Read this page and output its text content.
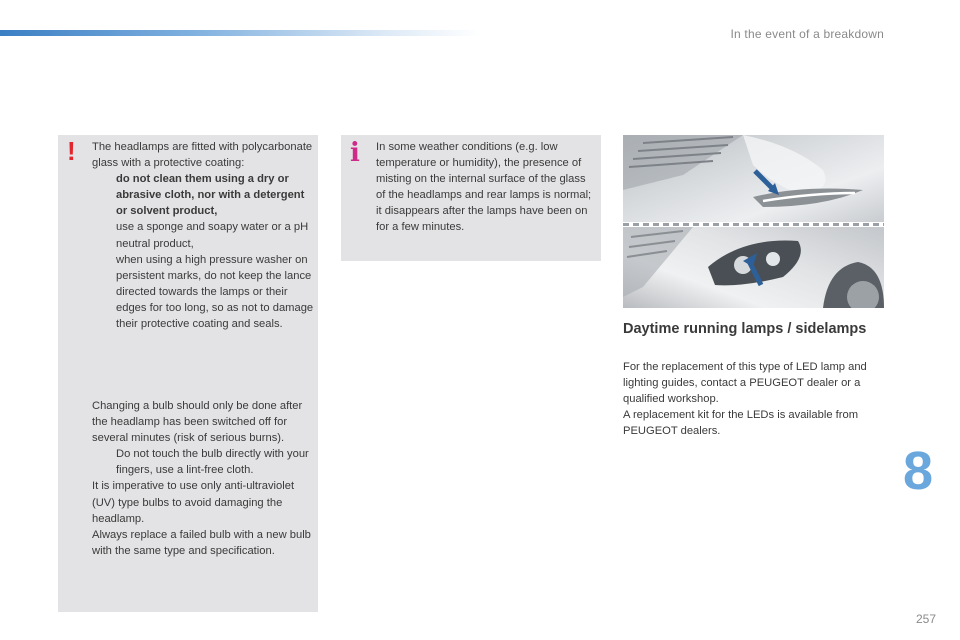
In the event of a breakdown
! The headlamps are fitted with polycarbonate glass with a protective coating:

do not clean them using a dry or abrasive cloth, nor with a detergent or solvent product,
use a sponge and soapy water or a pH neutral product,
when using a high pressure washer on persistent marks, do not keep the lance directed towards the lamps or their edges for too long, so as not to damage their protective coating and seals.

Changing a bulb should only be done after the headlamp has been switched off for several minutes (risk of serious burns).

Do not touch the bulb directly with your fingers, use a lint-free cloth.

It is imperative to use only anti-ultraviolet (UV) type bulbs to avoid damaging the headlamp.

Always replace a failed bulb with a new bulb with the same type and specification.

i In some weather conditions (e.g. low temperature or humidity), the presence of misting on the internal surface of the glass of the headlamps and rear lamps is normal; it disappears after the lamps have been on for a few minutes.
Daytime running lamps / sidelamps

For the replacement of this type of LED lamp and lighting guides, contact a PEUGEOT dealer or a qualified workshop.

A replacement kit for the LEDs is available from PEUGEOT dealers.

8
257
